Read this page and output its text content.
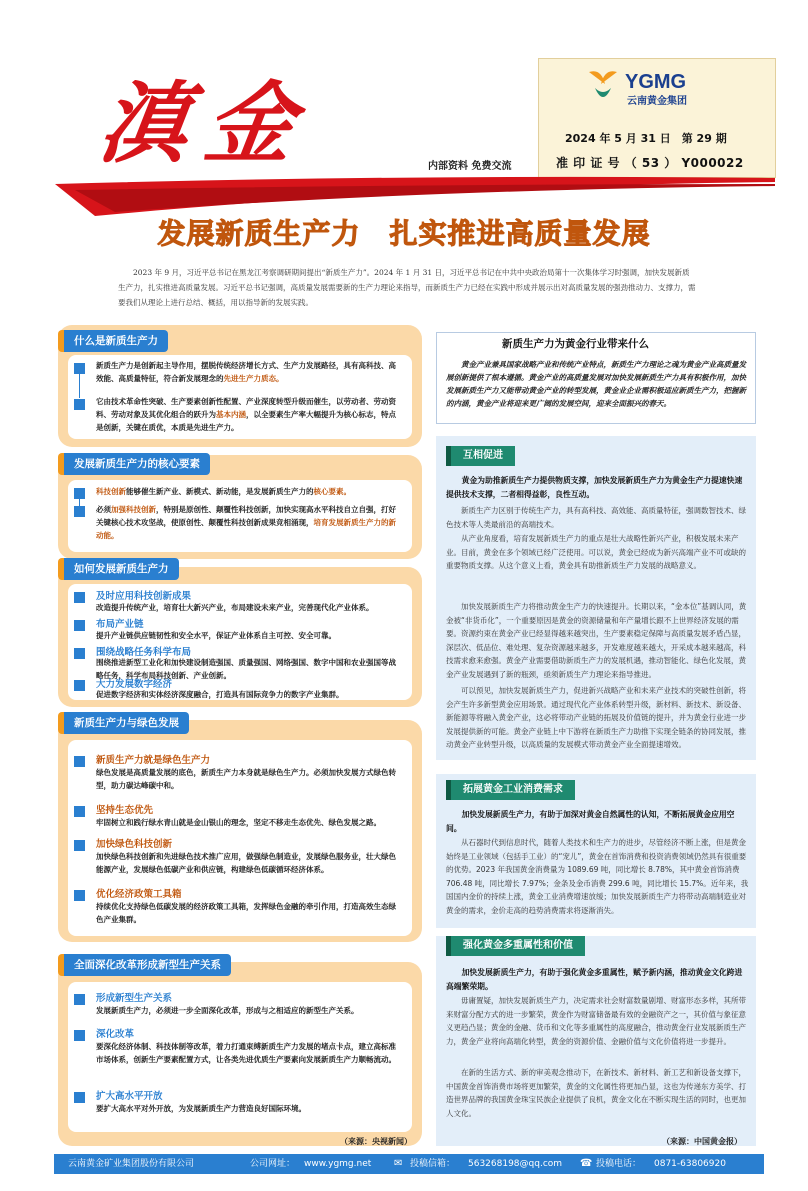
滇金	内部资料 免费交流
YGMG
云南黄金集团
2024 年 5 月 31 日　第 29 期
准 印 证 号 （ 53 ） Y000022
发展新质生产力　扎实推进高质量发展
2023 年 9 月，习近平总书记在黑龙江考察调研期间提出“新质生产力”。2024 年 1 月 31 日，习近平总书记在中共中央政治局第十一次集体学习时强调，加快发展新质生产力，扎实推进高质量发展。习近平总书记强调，高质量发展需要新的生产力理论来指导，而新质生产力已经在实践中形成并展示出对高质量发展的强劲推动力、支撑力，需要我们从理论上进行总结、概括，用以指导新的发展实践。
什么是新质生产力
新质生产力是创新起主导作用，摆脱传统经济增长方式、生产力发展路径，具有高科技、高效能、高质量特征，符合新发展理念的先进生产力质态。
它由技术革命性突破、生产要素创新性配置、产业深度转型升级而催生，以劳动者、劳动资料、劳动对象及其优化组合的跃升为基本内涵，以全要素生产率大幅提升为核心标志，特点是创新，关键在质优，本质是先进生产力。
发展新质生产力的核心要素
科技创新能够催生新产业、新模式、新动能，是发展新质生产力的核心要素。
必须加强科技创新，特别是原创性、颠覆性科技创新，加快实现高水平科技自立自强，打好关键核心技术攻坚战，使原创性、颠覆性科技创新成果竞相涌现，培育发展新质生产力的新动能。
如何发展新质生产力
及时应用科技创新成果
改造提升传统产业，培育壮大新兴产业，布局建设未来产业，完善现代化产业体系。
布局产业链
提升产业链供应链韧性和安全水平，保证产业体系自主可控、安全可靠。
围绕战略任务科学布局
围绕推进新型工业化和加快建设制造强国、质量强国、网络强国、数字中国和农业强国等战略任务，科学布局科技创新、产业创新。
大力发展数字经济
促进数字经济和实体经济深度融合，打造具有国际竞争力的数字产业集群。
新质生产力与绿色发展
新质生产力就是绿色生产力
绿色发展是高质量发展的底色，新质生产力本身就是绿色生产力。必须加快发展方式绿色转型，助力碳达峰碳中和。
坚持生态优先
牢固树立和践行绿水青山就是金山银山的理念，坚定不移走生态优先、绿色发展之路。
加快绿色科技创新
加快绿色科技创新和先进绿色技术推广应用，做强绿色制造业，发展绿色服务业，壮大绿色能源产业，发展绿色低碳产业和供应链，构建绿色低碳循环经济体系。
优化经济政策工具箱
持续优化支持绿色低碳发展的经济政策工具箱，发挥绿色金融的牵引作用，打造高效生态绿色产业集群。
全面深化改革形成新型生产关系
形成新型生产关系
发展新质生产力，必须进一步全面深化改革，形成与之相适应的新型生产关系。
深化改革
要深化经济体制、科技体制等改革，着力打通束缚新质生产力发展的堵点卡点，建立高标准市场体系，创新生产要素配置方式，让各类先进优质生产要素向发展新质生产力顺畅流动。
扩大高水平开放
要扩大高水平对外开放，为发展新质生产力营造良好国际环境。
（来源：央视新闻）
新质生产力为黄金行业带来什么
黄金产业兼具国家战略产业和传统产业特点，新质生产力理论之魂为黄金产业高质量发展创新提供了根本遵循。黄金产业的高质量发展对加快发展新质生产力具有积极作用，加快发展新质生产力又能带动黄金产业的转型发展，黄金业企业需积极适应新质生产力，把握新的内涵，黄金产业将迎来更广阔的发展空间，迎来全面振兴的春天。
互相促进
黄金为助推新质生产力提供物质支撑，加快发展新质生产力为黄金生产力提速快速提供技术支撑，二者相得益彰，良性互动。
新质生产力区别于传统生产力，具有高科技、高效能、高质量特征，强调数智技术、绿色技术等人类最前沿的高端技术。
从产业角度看，培育发展新质生产力的重点是壮大战略性新兴产业，积极发展未来产业。目前，黄金在多个领域已经广泛使用。可以说，黄金已经成为新兴高端产业不可或缺的重要物质支撑。从这个意义上看，黄金具有助推新质生产力发展的战略意义。
加快发展新质生产力将推动黄金生产力的快速提升。长期以来，“金本位”基调认同，黄金被“非货币化”，一个重要原因是黄金的资源储量和年产量增长跟不上世界经济发展的需要。资源约束在黄金产业已经显得越来越突出，生产要素稳定保障与高质量发展矛盾凸显，深层次、低品位、难处理、复杂资源越来越多，开发难度越来越大，开采成本越来越高，科技需求愈来愈强。黄金产业需要借助新质生产力的发展机遇，推动智能化、绿色化发展，黄金产业发展遇到了新的瓶颈，亟须新质生产力理论来指导推进。
可以预见，加快发展新质生产力，促进新兴战略产业和未来产业技术的突破性创新，将会产生许多新型黄金应用场景。通过现代化产业体系转型升级，新材料、新技术、新设备、新能源等将融入黄金产业，这必将带动产业链的拓展及价值链的提升，并为黄金行业进一步发展提供新的可能。黄金产业链上中下游将在新质生产力助推下实现全链条的协同发展，推动黄金产业转型升级，以高质量的发展模式带动黄金产业全面提速增效。
拓展黄金工业消费需求
加快发展新质生产力，有助于加深对黄金自然属性的认知，不断拓展黄金应用空间。
从石器时代到信息时代，随着人类技术和生产力的进步，尽管经济不断上涨，但是黄金始终是工业领域（包括手工业）的“宠儿”，黄金在首饰消费和投资消费领域仍然具有很重要的优势。2023 年我国黄金消费量为 1089.69 吨，同比增长 8.78%，其中黄金首饰消费 706.48 吨，同比增长 7.97%；金条及金币消费 299.6 吨，同比增长 15.7%。近年来，我国国内金价的持续上涨，黄金工业消费增速放缓；加快发展新质生产力将带动高端制造业对黄金的需求，金价走高的趋势消费需求将逐渐消失。
强化黄金多重属性和价值
加快发展新质生产力，有助于强化黄金多重属性，赋予新内涵，推动黄金文化跨进高端繁荣期。
毋庸置疑，加快发展新质生产力，决定需求社会财富数量剧增、财富形态多样，其所带来财富分配方式的进一步繁荣，黄金作为财富储备最有效的金融资产之一，其价值与象征意义更趋凸显；黄金的金融、货币和文化等多重属性的高度融合，推动黄金行业发展新质生产力，黄金产业将向高端化转型，黄金的资源价值、金融价值与文化价值将进一步提升。
在新的生活方式、新的审美观念推动下，在新技术、新材料、新工艺和新设备支撑下，中国黄金首饰消费市场将更加繁荣，黄金的文化属性将更加凸显，这也为传递东方美学、打造世界品牌的我国黄金珠宝民族企业提供了良机，黄金文化在不断实现生活的同时，也更加人文化。
（来源：中国黄金报）
云南黄金矿业集团股份有限公司	公司网址： www.ygmg.net ✉ 投稿信箱： 563268198@qq.com ☎ 投稿电话： 0871-63806920
